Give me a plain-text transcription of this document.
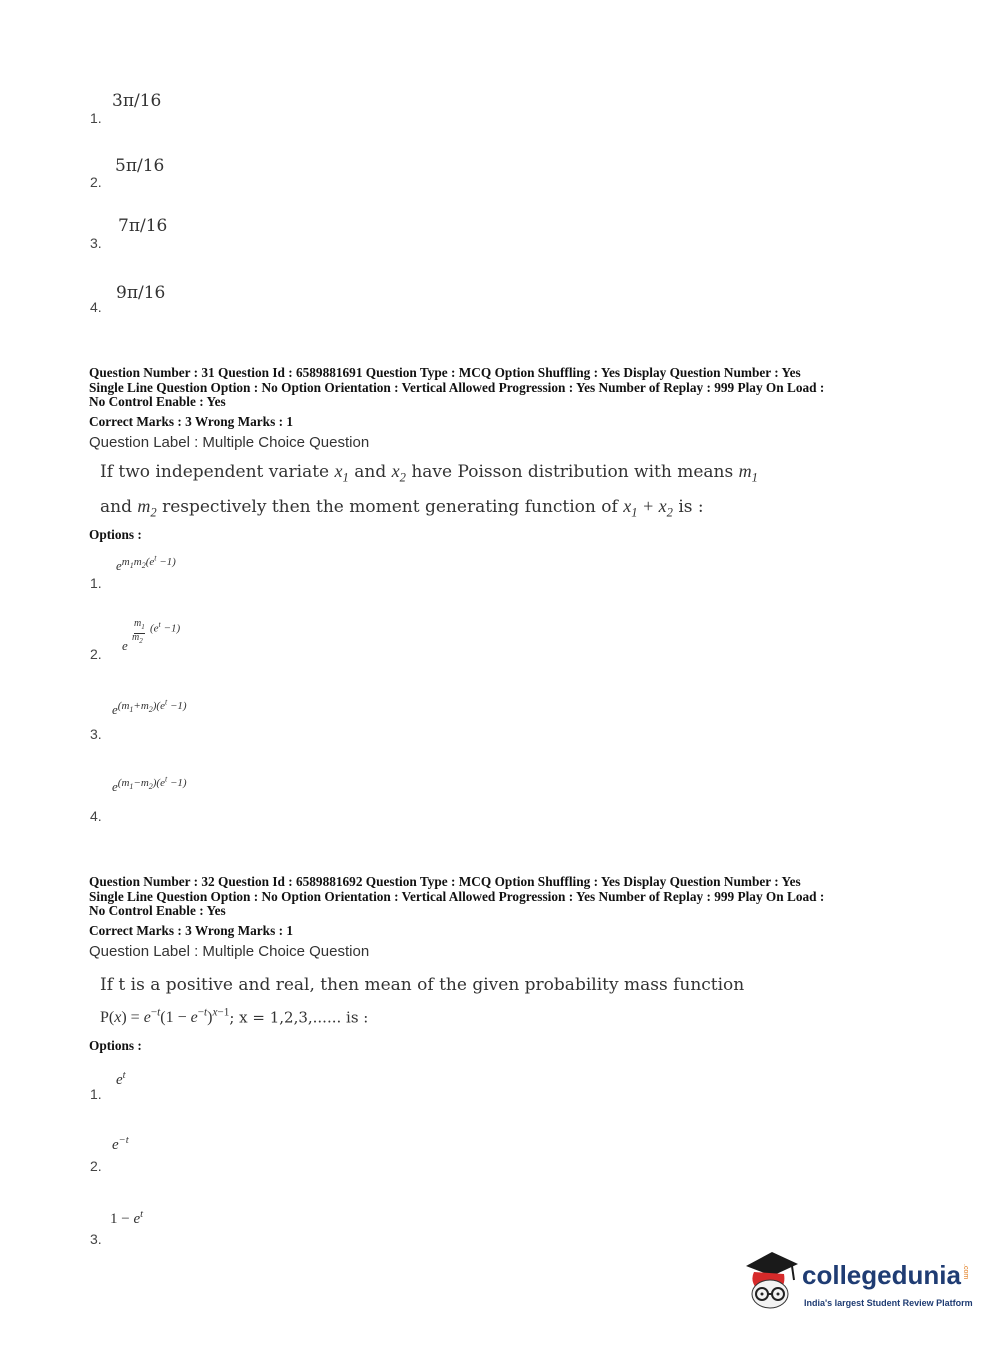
3π/16
1.
5π/16
2.
7π/16
3.
9π/16
4.
Question Number : 31 Question Id : 6589881691 Question Type : MCQ Option Shuffling : Yes Display Question Number : Yes
Single Line Question Option : No Option Orientation : Vertical Allowed Progression : Yes Number of Replay : 999 Play On Load :
No Control Enable : Yes
Correct Marks : 3 Wrong Marks : 1
Question Label : Multiple Choice Question
If two independent variate $x_1$ and $x_2$ have Poisson distribution with means $m_1$
and $m_2$ respectively then the moment generating function of $x_1 + x_2$ is :
Options :
$e^{m_1m_2(e^t -1)}$
1.
$m_1$ $(e^t -1)$
e
$m_2$
2.
$e^{(m_1+m_2)(e^t -1)}$
3.
$e^{(m_1-m_2)(e^t -1)}$
4.
Question Number : 32 Question Id : 6589881692 Question Type : MCQ Option Shuffling : Yes Display Question Number : Yes
Single Line Question Option : No Option Orientation : Vertical Allowed Progression : Yes Number of Replay : 999 Play On Load :
No Control Enable : Yes
Correct Marks : 3 Wrong Marks : 1
Question Label : Multiple Choice Question
If t is a positive and real, then mean of the given probability mass function
$P(x) = e^{-t}(1 - e^{-t})^{x-1}$; x = 1,2,3,...... is :
Options :
$e^t$
1.
$e^{-t}$
2.
$1 - e^t$
3.
collegedunia .com
India's largest Student Review Platform
